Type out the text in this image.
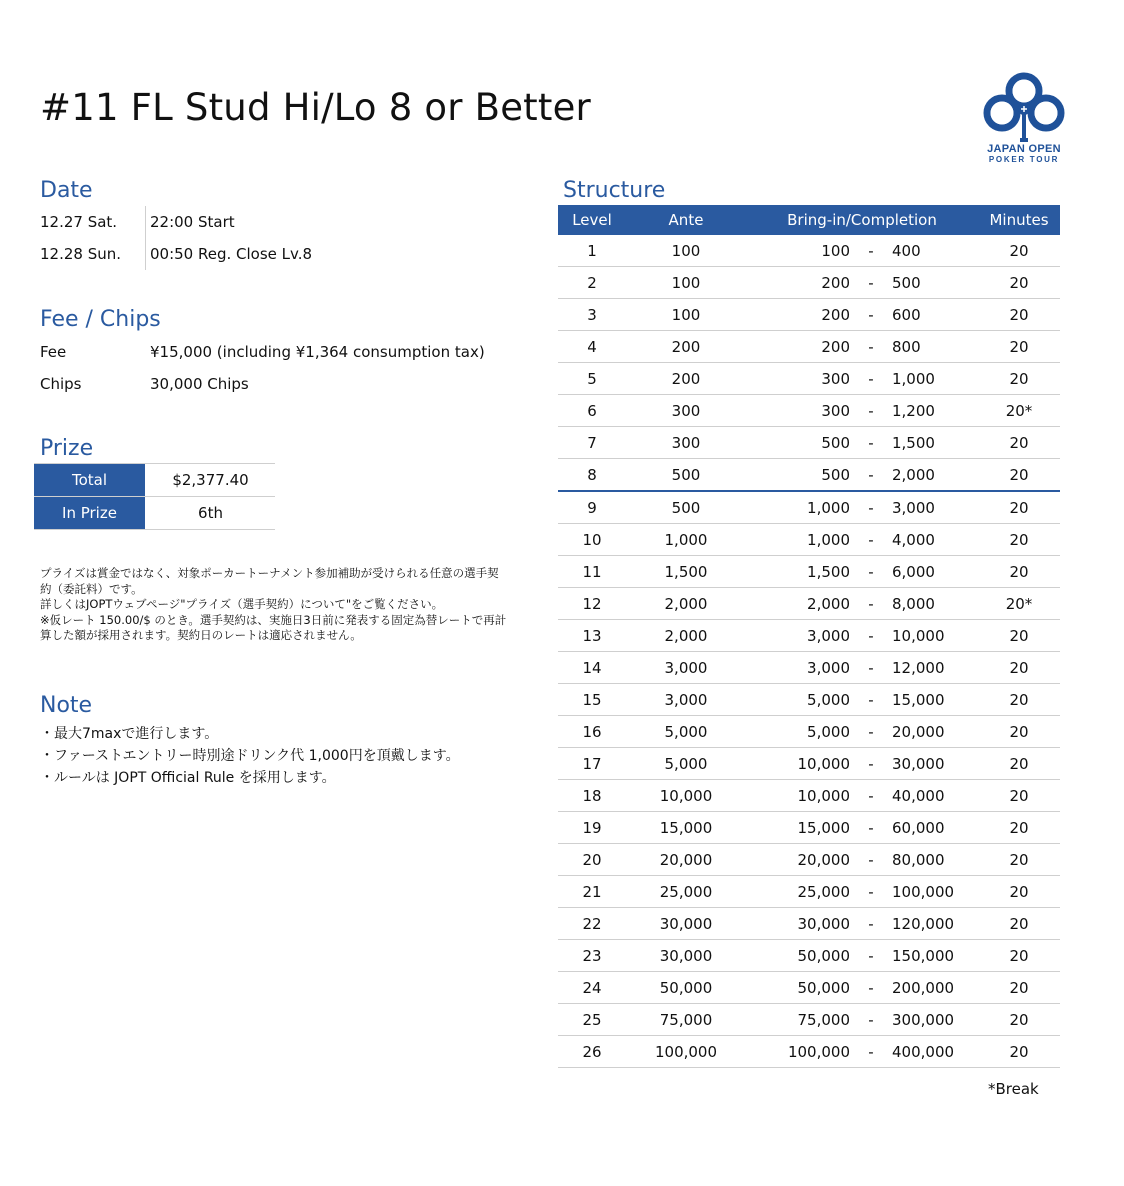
#11 FL Stud Hi/Lo 8 or Better
JAPAN OPEN
POKER TOUR
Date
12.27 Sat.	22:00 Start
12.28 Sun.	00:50 Reg. Close Lv.8
Fee / Chips
Fee	¥15,000 (including ¥1,364 consumption tax)
Chips	30,000 Chips
Prize
Total	$2,377.40
In Prize	6th
プライズは賞金ではなく、対象ポーカートーナメント参加補助が受けられる任意の選手契
約（委託料）です。
詳しくはJOPTウェブページ"プライズ（選手契約）について"をご覧ください。
※仮レート 150.00/$ のとき。選手契約は、実施日3日前に発表する固定為替レートで再計
算した額が採用されます。契約日のレートは適応されません。
Note
・最大7maxで進行します。
・ファーストエントリー時別途ドリンク代 1,000円を頂戴します。
・ルールは JOPT Official Rule を採用します。
Structure
Level	Ante	Bring-in/Completion	Minutes
1	100	100	-	400	20
2	100	200	-	500	20
3	100	200	-	600	20
4	200	200	-	800	20
5	200	300	-	1,000	20
6	300	300	-	1,200	20*
7	300	500	-	1,500	20
8	500	500	-	2,000	20
9	500	1,000	-	3,000	20
10	1,000	1,000	-	4,000	20
11	1,500	1,500	-	6,000	20
12	2,000	2,000	-	8,000	20*
13	2,000	3,000	-	10,000	20
14	3,000	3,000	-	12,000	20
15	3,000	5,000	-	15,000	20
16	5,000	5,000	-	20,000	20
17	5,000	10,000	-	30,000	20
18	10,000	10,000	-	40,000	20
19	15,000	15,000	-	60,000	20
20	20,000	20,000	-	80,000	20
21	25,000	25,000	-	100,000	20
22	30,000	30,000	-	120,000	20
23	30,000	50,000	-	150,000	20
24	50,000	50,000	-	200,000	20
25	75,000	75,000	-	300,000	20
26	100,000	100,000	-	400,000	20
*Break
